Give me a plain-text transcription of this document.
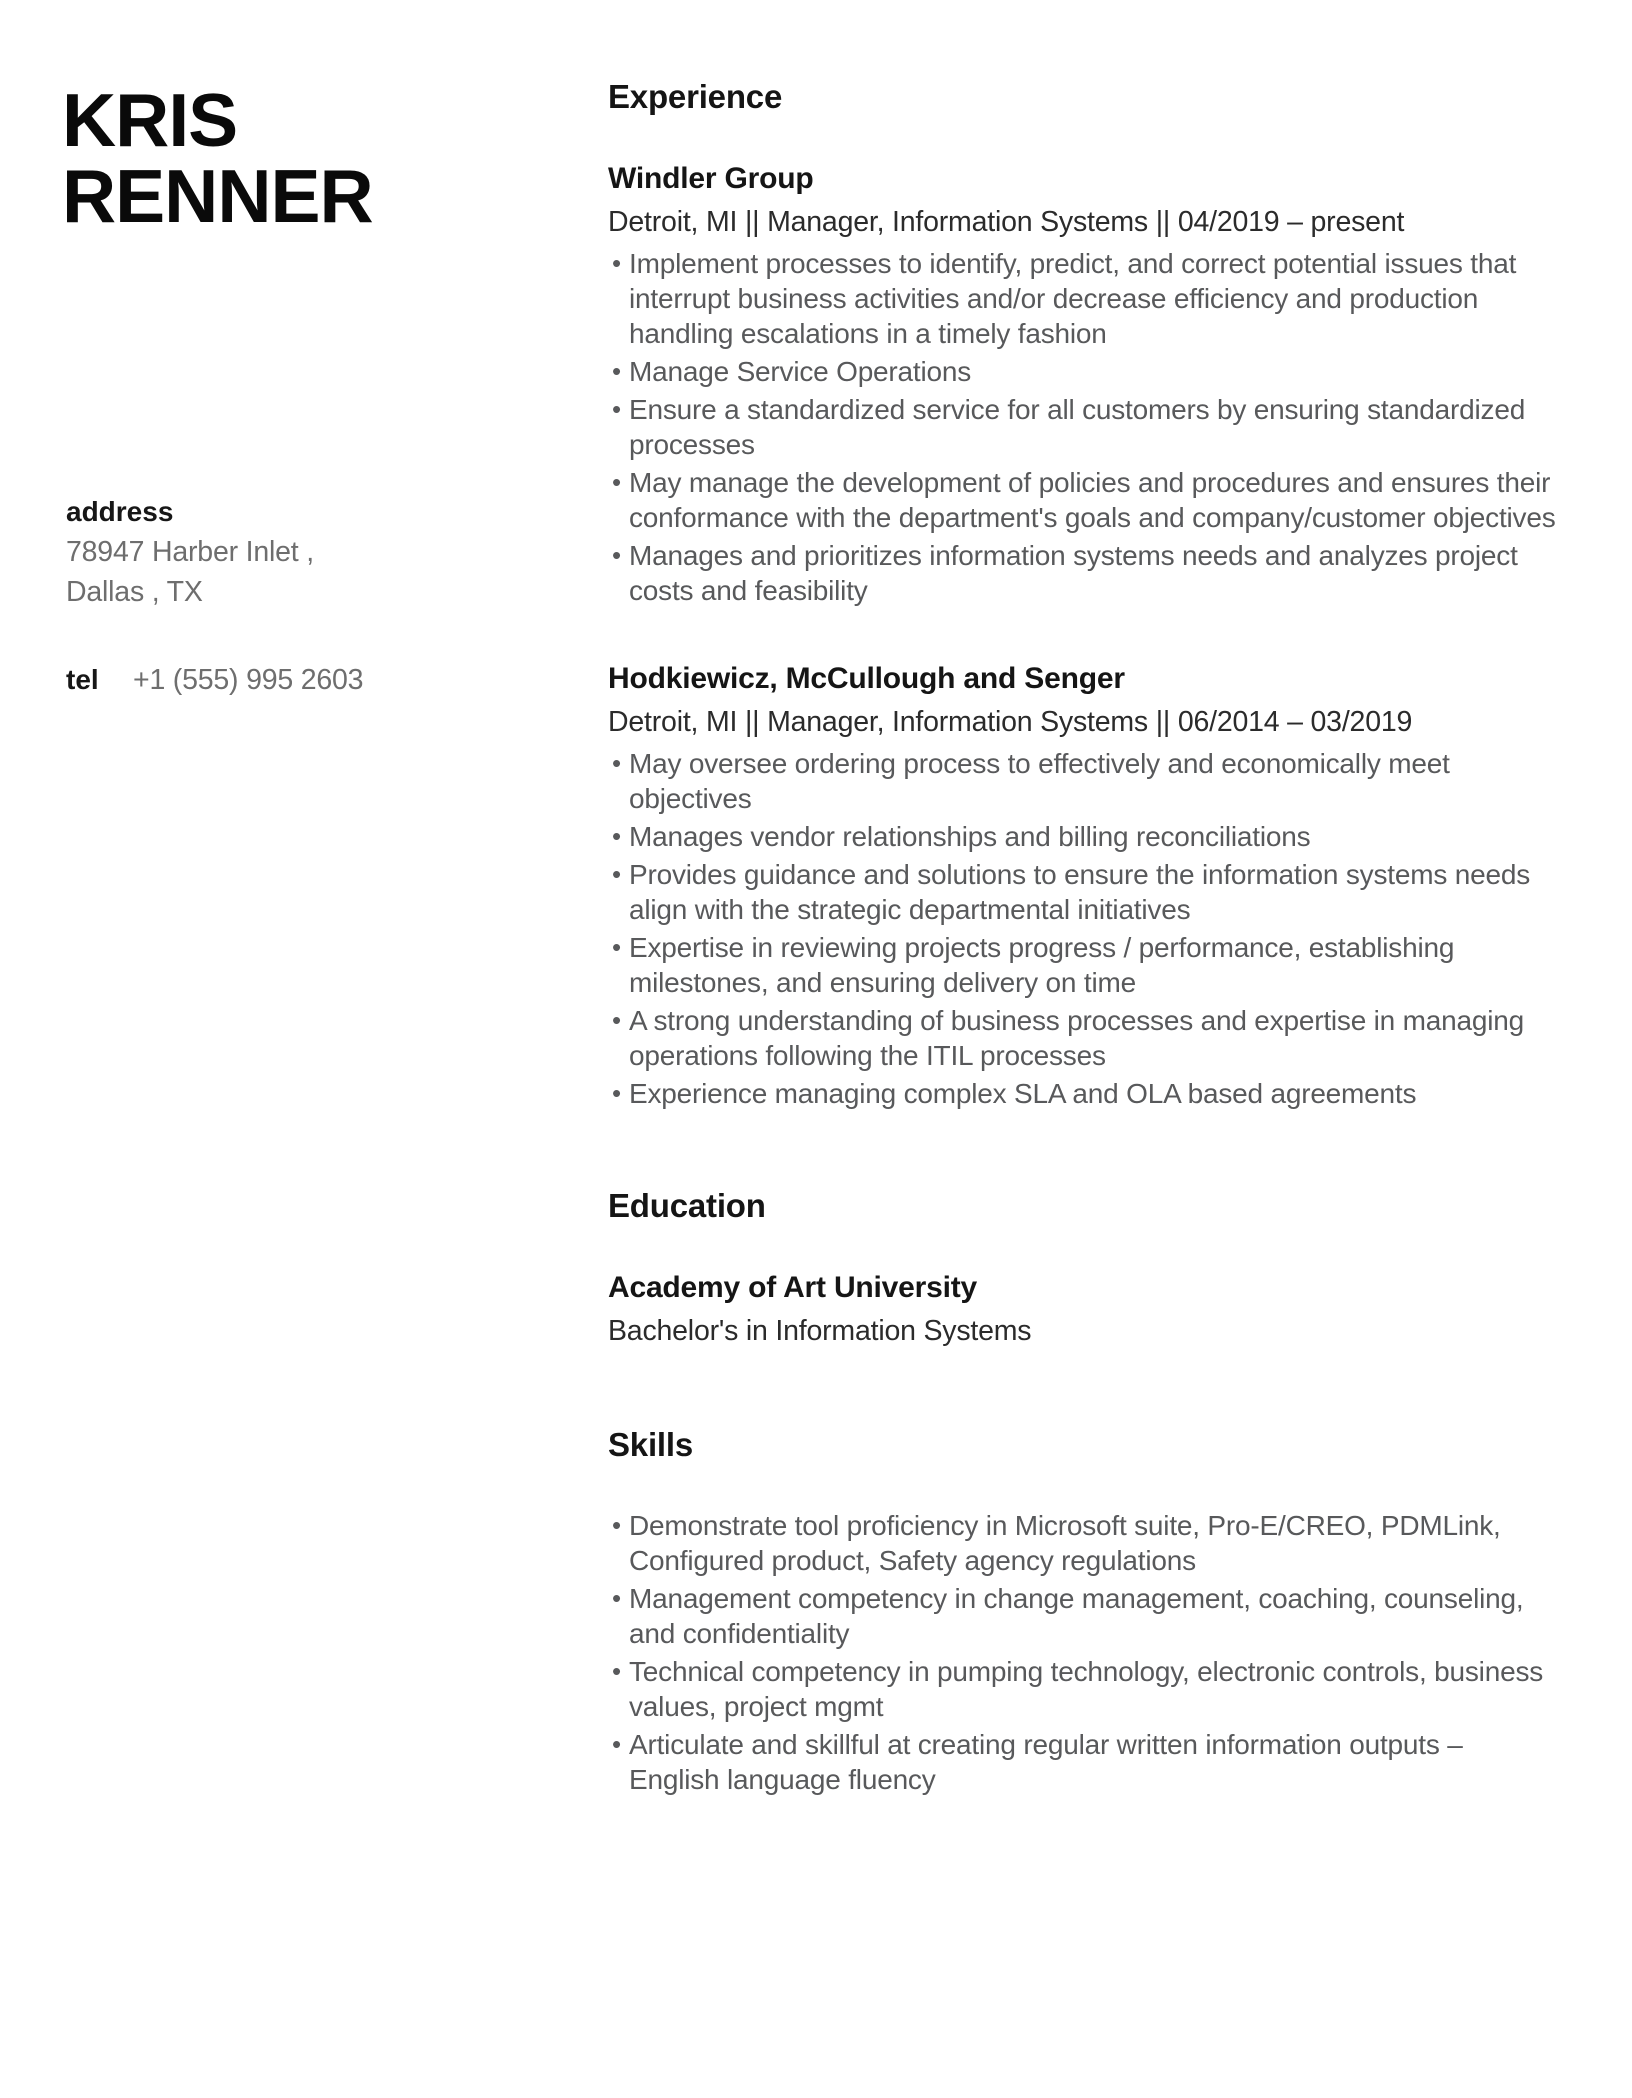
KRIS
RENNER
address
78947 Harber Inlet ,
Dallas , TX
tel	+1 (555) 995 2603
Experience
Windler Group
Detroit, MI || Manager, Information Systems || 04/2019 – present
• Implement processes to identify, predict, and correct potential issues that interrupt business activities and/or decrease efficiency and production handling escalations in a timely fashion
• Manage Service Operations
• Ensure a standardized service for all customers by ensuring standardized processes
• May manage the development of policies and procedures and ensures their conformance with the department's goals and company/customer objectives
• Manages and prioritizes information systems needs and analyzes project costs and feasibility
Hodkiewicz, McCullough and Senger
Detroit, MI || Manager, Information Systems || 06/2014 – 03/2019
• May oversee ordering process to effectively and economically meet objectives
• Manages vendor relationships and billing reconciliations
• Provides guidance and solutions to ensure the information systems needs align with the strategic departmental initiatives
• Expertise in reviewing projects progress / performance, establishing milestones, and ensuring delivery on time
• A strong understanding of business processes and expertise in managing operations following the ITIL processes
• Experience managing complex SLA and OLA based agreements
Education
Academy of Art University
Bachelor's in Information Systems
Skills
• Demonstrate tool proficiency in Microsoft suite, Pro-E/CREO, PDMLink, Configured product, Safety agency regulations
• Management competency in change management, coaching, counseling, and confidentiality
• Technical competency in pumping technology, electronic controls, business values, project mgmt
• Articulate and skillful at creating regular written information outputs – English language fluency
